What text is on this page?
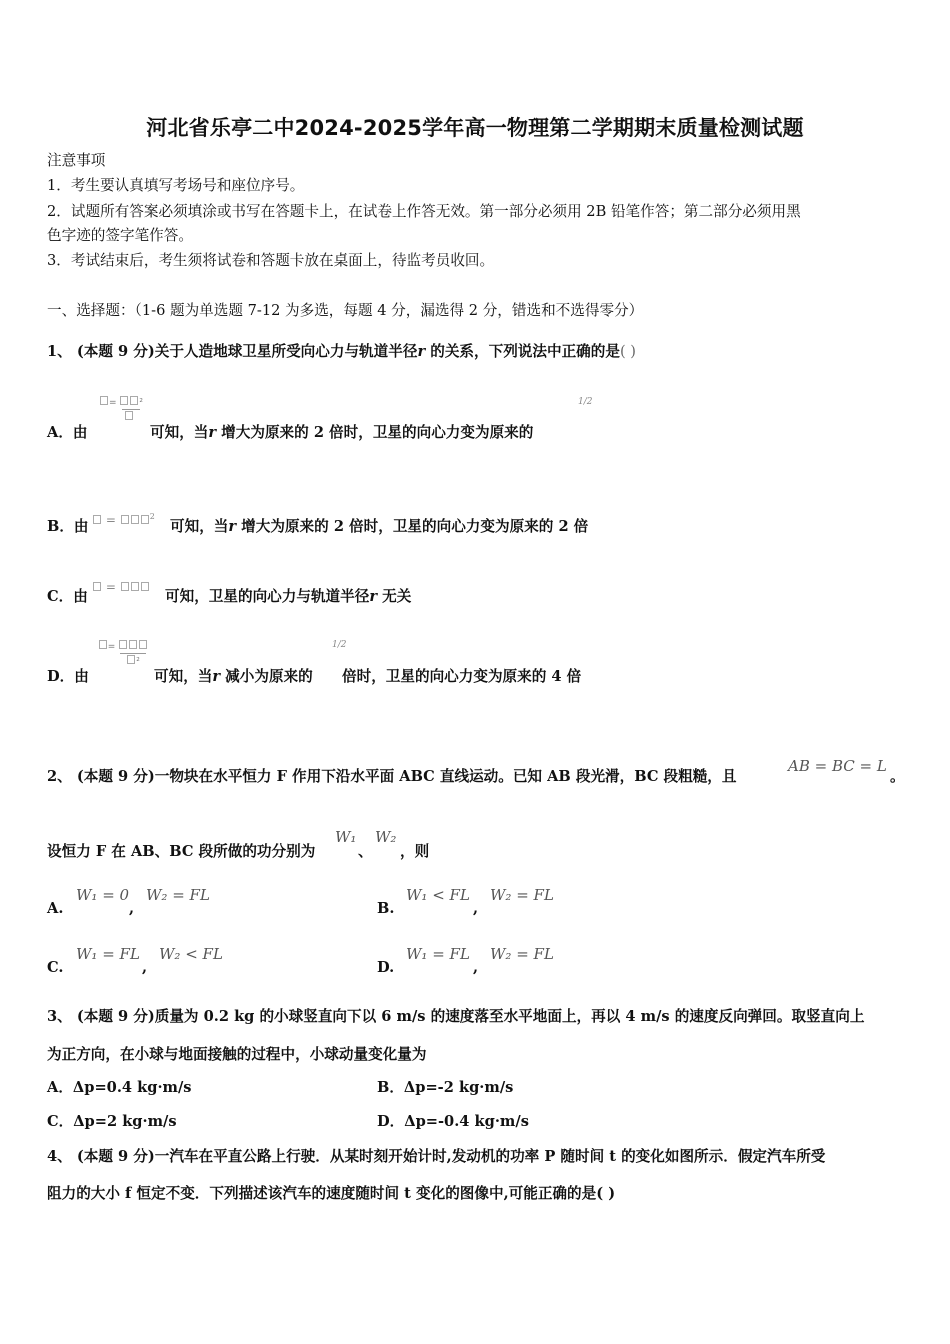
河北省乐亭二中2024-2025学年高一物理第二学期期末质量检测试题
注意事项
1．考生要认真填写考场号和座位序号。
2．试题所有答案必须填涂或书写在答题卡上，在试卷上作答无效。第一部分必须用 2B 铅笔作答；第二部分必须用黑
色字迹的签字笔作答。
3．考试结束后，考生须将试卷和答题卡放在桌面上，待监考员收回。
一、选择题：（1-6 题为单选题 7-12 为多选，每题 4 分，漏选得 2 分，错选和不选得零分）
1、 (本题 9 分)关于人造地球卫星所受向心力与轨道半径r 的关系，下列说法中正确的是( )
A．由
= ²
可知，当r 增大为原来的 2 倍时，卫星的向心力变为原来的
1/2
B．由	=	$^2$
可知，当r 增大为原来的 2 倍时，卫星的向心力变为原来的 2 倍
C．由
=
可知，卫星的向心力与轨道半径r 无关
D．由
=
²
可知，当r 减小为原来的
1/2
倍时，卫星的向心力变为原来的 4 倍
2、 (本题 9 分)一物块在水平恒力 F 作用下沿水平面 ABC 直线运动。已知 AB 段光滑，BC 段粗糙，且
AB = BC = L
。
设恒力 F 在 AB、BC 段所做的功分别为
W₁
、
W₂
，则
A.
W₁ = 0
,
W₂ = FL
B.
W₁ < FL
,
W₂ = FL
C.
W₁ = FL
,
W₂ < FL
D.
W₁ = FL
,
W₂ = FL
3、 (本题 9 分)质量为 0.2 kg 的小球竖直向下以 6 m/s 的速度落至水平地面上，再以 4 m/s 的速度反向弹回。取竖直向上
为正方向，在小球与地面接触的过程中，小球动量变化量为
A．Δp=0.4 kg·m/s	B．Δp=-2 kg·m/s
C．Δp=2 kg·m/s	D．Δp=-0.4 kg·m/s
4、 (本题 9 分)一汽车在平直公路上行驶．从某时刻开始计时,发动机的功率 P 随时间 t 的变化如图所示．假定汽车所受
阻力的大小 f 恒定不变．下列描述该汽车的速度随时间 t 变化的图像中,可能正确的是( )
